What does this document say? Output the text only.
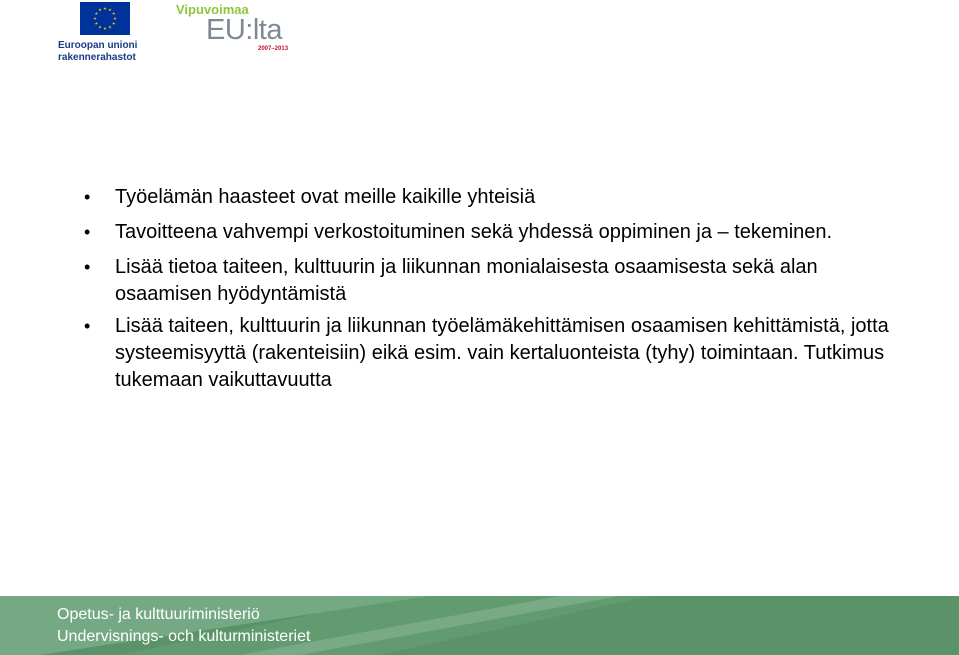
Euroopan unioni
rakennerahastot
Vipuvoimaa
EU:lta
2007–2013
• Työelämän haasteet ovat meille kaikille yhteisiä
• Tavoitteena vahvempi verkostoituminen sekä yhdessä oppiminen ja – tekeminen.
• Lisää tietoa taiteen, kulttuurin ja liikunnan monialaisesta osaamisesta sekä alan osaamisen hyödyntämistä
• Lisää taiteen, kulttuurin ja liikunnan työelämäkehittämisen osaamisen kehittämistä, jotta systeemisyyttä (rakenteisiin) eikä esim. vain kertaluonteista (tyhy) toimintaan. Tutkimus tukemaan vaikuttavuutta
Opetus- ja kulttuuriministeriö
Undervisnings- och kulturministeriet
